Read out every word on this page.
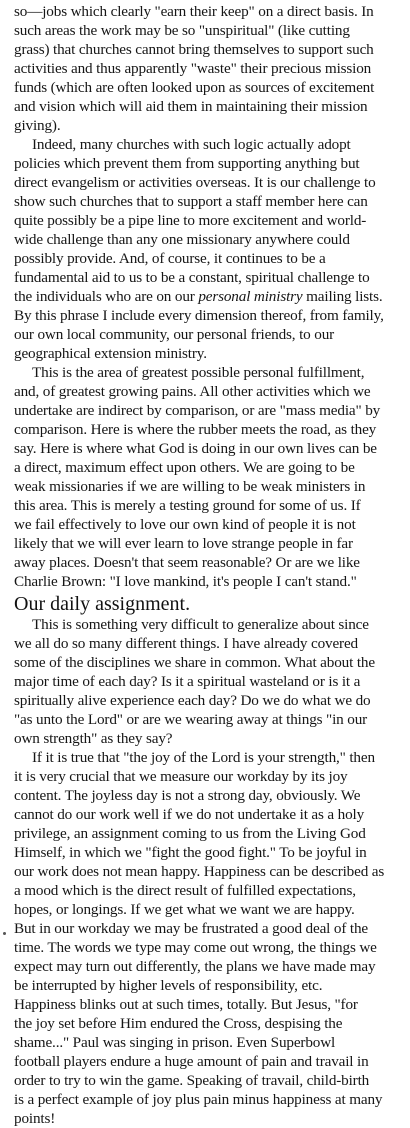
so—jobs which clearly "earn their keep" on a direct basis. In
such areas the work may be so "unspiritual" (like cutting
grass) that churches cannot bring themselves to support such
activities and thus apparently "waste" their precious mission
funds (which are often looked upon as sources of excitement
and vision which will aid them in maintaining their mission
giving).

Indeed, many churches with such logic actually adopt
policies which prevent them from supporting anything but
direct evangelism or activities overseas. It is our challenge to
show such churches that to support a staff member here can
quite possibly be a pipe line to more excitement and world-
wide challenge than any one missionary anywhere could
possibly provide. And, of course, it continues to be a
fundamental aid to us to be a constant, spiritual challenge to
the individuals who are on our personal ministry mailing lists.
By this phrase I include every dimension thereof, from family,
our own local community, our personal friends, to our
geographical extension ministry.

This is the area of greatest possible personal fulfillment,
and, of greatest growing pains. All other activities which we
undertake are indirect by comparison, or are "mass media" by
comparison. Here is where the rubber meets the road, as they
say. Here is where what God is doing in our own lives can be
a direct, maximum effect upon others. We are going to be
weak missionaries if we are willing to be weak ministers in
this area. This is merely a testing ground for some of us. If
we fail effectively to love our own kind of people it is not
likely that we will ever learn to love strange people in far
away places. Doesn't that seem reasonable? Or are we like
Charlie Brown: "I love mankind, it's people I can't stand."

Our daily assignment.

This is something very difficult to generalize about since
we all do so many different things. I have already covered
some of the disciplines we share in common. What about the
major time of each day? Is it a spiritual wasteland or is it a
spiritually alive experience each day? Do we do what we do
"as unto the Lord" or are we wearing away at things "in our
own strength" as they say?

If it is true that "the joy of the Lord is your strength," then
it is very crucial that we measure our workday by its joy
content. The joyless day is not a strong day, obviously. We
cannot do our work well if we do not undertake it as a holy
privilege, an assignment coming to us from the Living God
Himself, in which we "fight the good fight." To be joyful in
our work does not mean happy. Happiness can be described as
a mood which is the direct result of fulfilled expectations,
hopes, or longings. If we get what we want we are happy.
But in our workday we may be frustrated a good deal of the
time. The words we type may come out wrong, the things we
expect may turn out differently, the plans we have made may
be interrupted by higher levels of responsibility, etc.
Happiness blinks out at such times, totally. But Jesus, "for
the joy set before Him endured the Cross, despising the
shame..." Paul was singing in prison. Even Superbowl
football players endure a huge amount of pain and travail in
order to try to win the game. Speaking of travail, child-birth
is a perfect example of joy plus pain minus happiness at many
points!
